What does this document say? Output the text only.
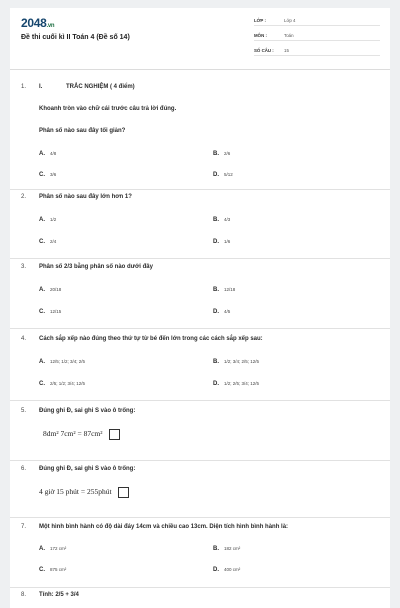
2048.vn
Đề thi cuối kì II Toán 4 (Đề số 14)
LỚP :	Lớp 4
MÔN :	Toán
SỐ CÂU : 15
1. I.	TRẮC NGHIỆM ( 4 điểm)
Khoanh tròn vào chữ cái trước câu trả lời đúng.
Phân số nào sau đây tối giản?
A. 4/8	B. 2/6
C. 3/6	D. 5/12
2. Phân số nào sau đây lớn hơn 1?
A. 1/2	B. 4/3
C. 2/4	D. 1/6
3. Phân số 2/3 bằng phân số nào dưới đây
A. 20/18	B. 12/18
C. 12/15	D. 4/5
4. Cách sắp xếp nào đúng theo thứ tự từ bé đến lớn trong các cách sắp xếp sau:
A. 12/5; 1/2; 3/4; 2/5	B. 1/2; 3/4; 2/5; 12/5
C. 2/5; 1/2; 3/4; 12/5	D. 1/2; 2/5; 3/4; 12/5
5. Đúng ghi Đ, sai ghi S vào ô trống:
8dm² 7cm² = 87cm²
6. Đúng ghi Đ, sai ghi S vào ô trống:
4 giờ 15 phút = 255phút
7. Một hình bình hành có độ dài đáy 14cm và chiều cao 13cm. Diện tích hình bình hành là:
A. 172 cm²	B. 182 cm²
C. 875 cm²	D. 400 cm²
8. Tính: 2/5 + 3/4
